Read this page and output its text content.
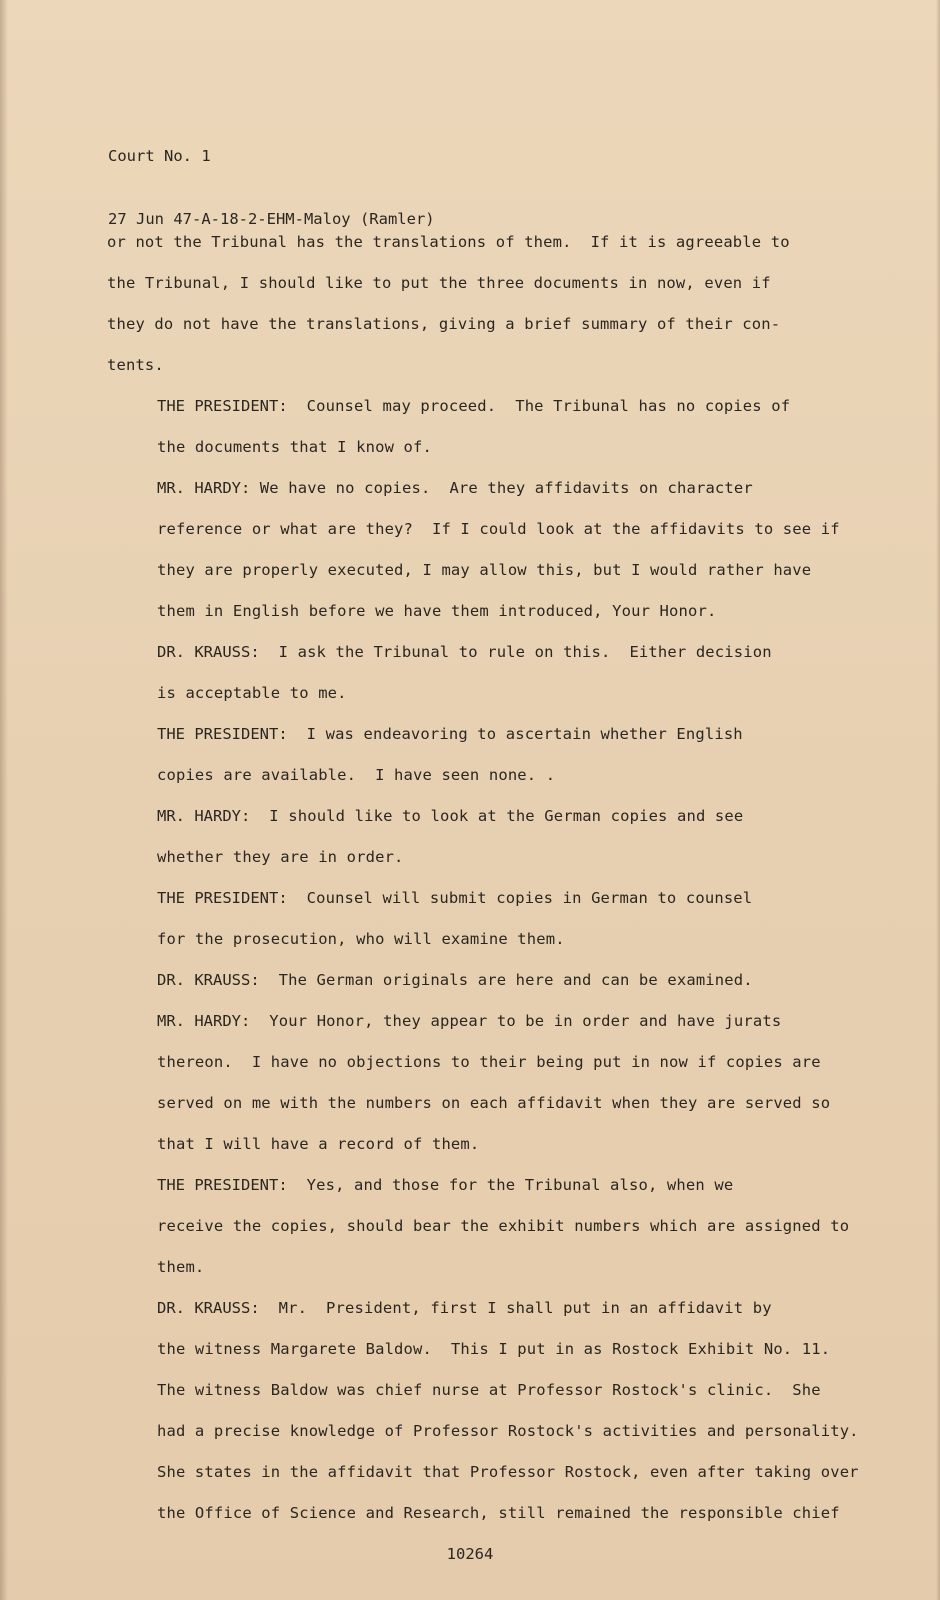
Court No. 1

27 Jun 47-A-18-2-EHM-Maloy (Ramler)

or not the Tribunal has the translations of them.  If it is agreeable to
the Tribunal, I should like to put the three documents in now, even if
they do not have the translations, giving a brief summary of their con-
tents.
THE PRESIDENT:  Counsel may proceed.  The Tribunal has no copies of
the documents that I know of.
MR. HARDY: We have no copies.  Are they affidavits on character
reference or what are they?  If I could look at the affidavits to see if
they are properly executed, I may allow this, but I would rather have
them in English before we have them introduced, Your Honor.
DR. KRAUSS:  I ask the Tribunal to rule on this.  Either decision
is acceptable to me.
THE PRESIDENT:  I was endeavoring to ascertain whether English
copies are available.  I have seen none. .
MR. HARDY:  I should like to look at the German copies and see
whether they are in order.
THE PRESIDENT:  Counsel will submit copies in German to counsel
for the prosecution, who will examine them.
DR. KRAUSS:  The German originals are here and can be examined.
MR. HARDY:  Your Honor, they appear to be in order and have jurats
thereon.  I have no objections to their being put in now if copies are
served on me with the numbers on each affidavit when they are served so
that I will have a record of them.
THE PRESIDENT:  Yes, and those for the Tribunal also, when we
receive the copies, should bear the exhibit numbers which are assigned to
them.
DR. KRAUSS:  Mr.  President, first I shall put in an affidavit by
the witness Margarete Baldow.  This I put in as Rostock Exhibit No. 11.
The witness Baldow was chief nurse at Professor Rostock's clinic.  She
had a precise knowledge of Professor Rostock's activities and personality.
She states in the affidavit that Professor Rostock, even after taking over
the Office of Science and Research, still remained the responsible chief
10264
